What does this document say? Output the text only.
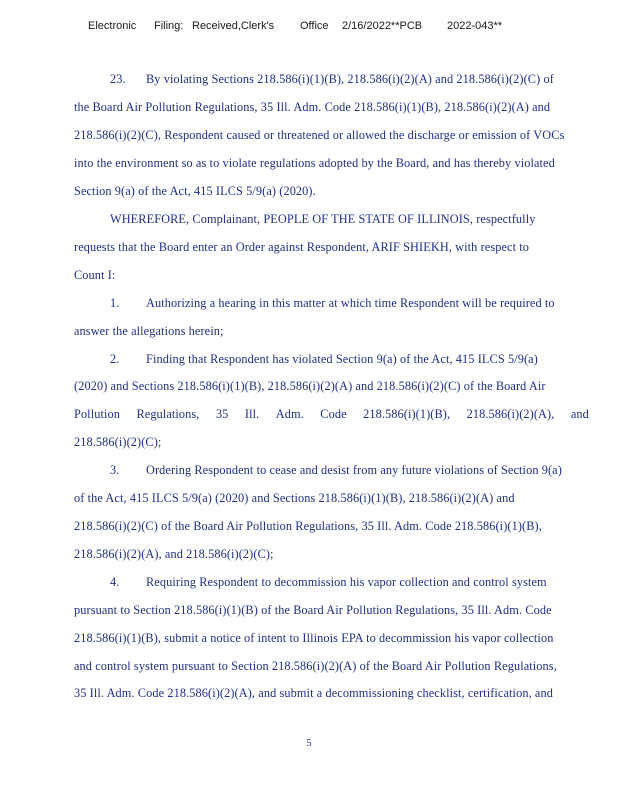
Electronic Filing: Received,Clerk's Office 2/16/2022**PCB 2022-043**
23. By violating Sections 218.586(i)(1)(B), 218.586(i)(2)(A) and 218.586(i)(2)(C) of
the Board Air Pollution Regulations, 35 Ill. Adm. Code 218.586(i)(1)(B), 218.586(i)(2)(A) and
218.586(i)(2)(C), Respondent caused or threatened or allowed the discharge or emission of VOCs
into the environment so as to violate regulations adopted by the Board, and has thereby violated
Section 9(a) of the Act, 415 ILCS 5/9(a) (2020).
WHEREFORE, Complainant, PEOPLE OF THE STATE OF ILLINOIS, respectfully
requests that the Board enter an Order against Respondent, ARIF SHIEKH, with respect to
Count I:
1. Authorizing a hearing in this matter at which time Respondent will be required to
answer the allegations herein;
2. Finding that Respondent has violated Section 9(a) of the Act, 415 ILCS 5/9(a)
(2020) and Sections 218.586(i)(1)(B), 218.586(i)(2)(A) and 218.586(i)(2)(C) of the Board Air
Pollution Regulations, 35 Ill. Adm. Code 218.586(i)(1)(B), 218.586(i)(2)(A), and
218.586(i)(2)(C);
3. Ordering Respondent to cease and desist from any future violations of Section 9(a)
of the Act, 415 ILCS 5/9(a) (2020) and Sections 218.586(i)(1)(B), 218.586(i)(2)(A) and
218.586(i)(2)(C) of the Board Air Pollution Regulations, 35 Ill. Adm. Code 218.586(i)(1)(B),
218.586(i)(2)(A), and 218.586(i)(2)(C);
4. Requiring Respondent to decommission his vapor collection and control system
pursuant to Section 218.586(i)(1)(B) of the Board Air Pollution Regulations, 35 Ill. Adm. Code
218.586(i)(1)(B), submit a notice of intent to Illinois EPA to decommission his vapor collection
and control system pursuant to Section 218.586(i)(2)(A) of the Board Air Pollution Regulations,
35 Ill. Adm. Code 218.586(i)(2)(A), and submit a decommissioning checklist, certification, and
5
